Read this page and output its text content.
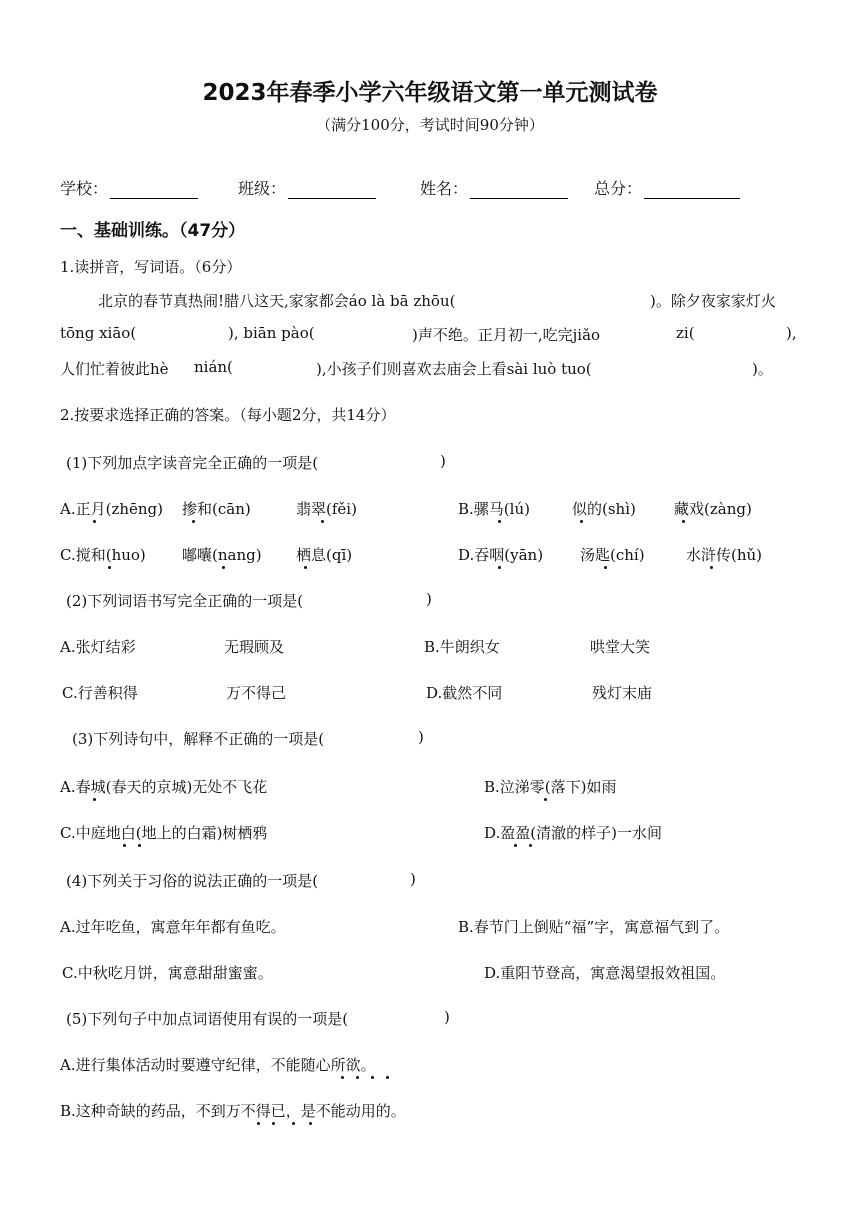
2023年春季小学六年级语文第一单元测试卷
（满分100分，考试时间90分钟）
学校：	班级：	姓名：	总分：
一、基础训练。（47分）
1.读拼音，写词语。（6分）
北京的春节真热闹!腊八这天,家家都会áo là bā zhōu(	)。除夕夜家家灯火
tōng xiāo(	), biān pào(	)声不绝。正月初一,吃完jiǎo	zi(	),
人们忙着彼此hè nián(	),小孩子们则喜欢去庙会上看sài luò tuo(	)。
2.按要求选择正确的答案。（每小题2分，共14分）
(1)下列加点字读音完全正确的一项是(	)
A.正月(zhēng) 掺和(cān)	翡翠(fěi)	B.骡马(lú)	似的(shì)	藏戏(zàng)
C.搅和(huo) 嘟囔(nang) 栖息(qī)	D.吞咽(yān) 汤匙(chí)	水浒传(hǔ)
(2)下列词语书写完全正确的一项是(	)
A.张灯结彩	无瑕顾及	B.牛朗织女	哄堂大笑
C.行善积得	万不得己	D.截然不同	残灯末庙
(3)下列诗句中，解释不正确的一项是(	)
A.春城(春天的京城)无处不飞花	B.泣涕零(落下)如雨
C.中庭地白(地上的白霜)树栖鸦	D.盈盈(清澈的样子)一水间
(4)下列关于习俗的说法正确的一项是(	)
A.过年吃鱼，寓意年年都有鱼吃。	B.春节门上倒贴“福”字，寓意福气到了。
C.中秋吃月饼，寓意甜甜蜜蜜。	D.重阳节登高，寓意渴望报效祖国。
(5)下列句子中加点词语使用有误的一项是(	)
A.进行集体活动时要遵守纪律，不能随心所欲。
B.这种奇缺的药品，不到万不得已，是不能动用的。
